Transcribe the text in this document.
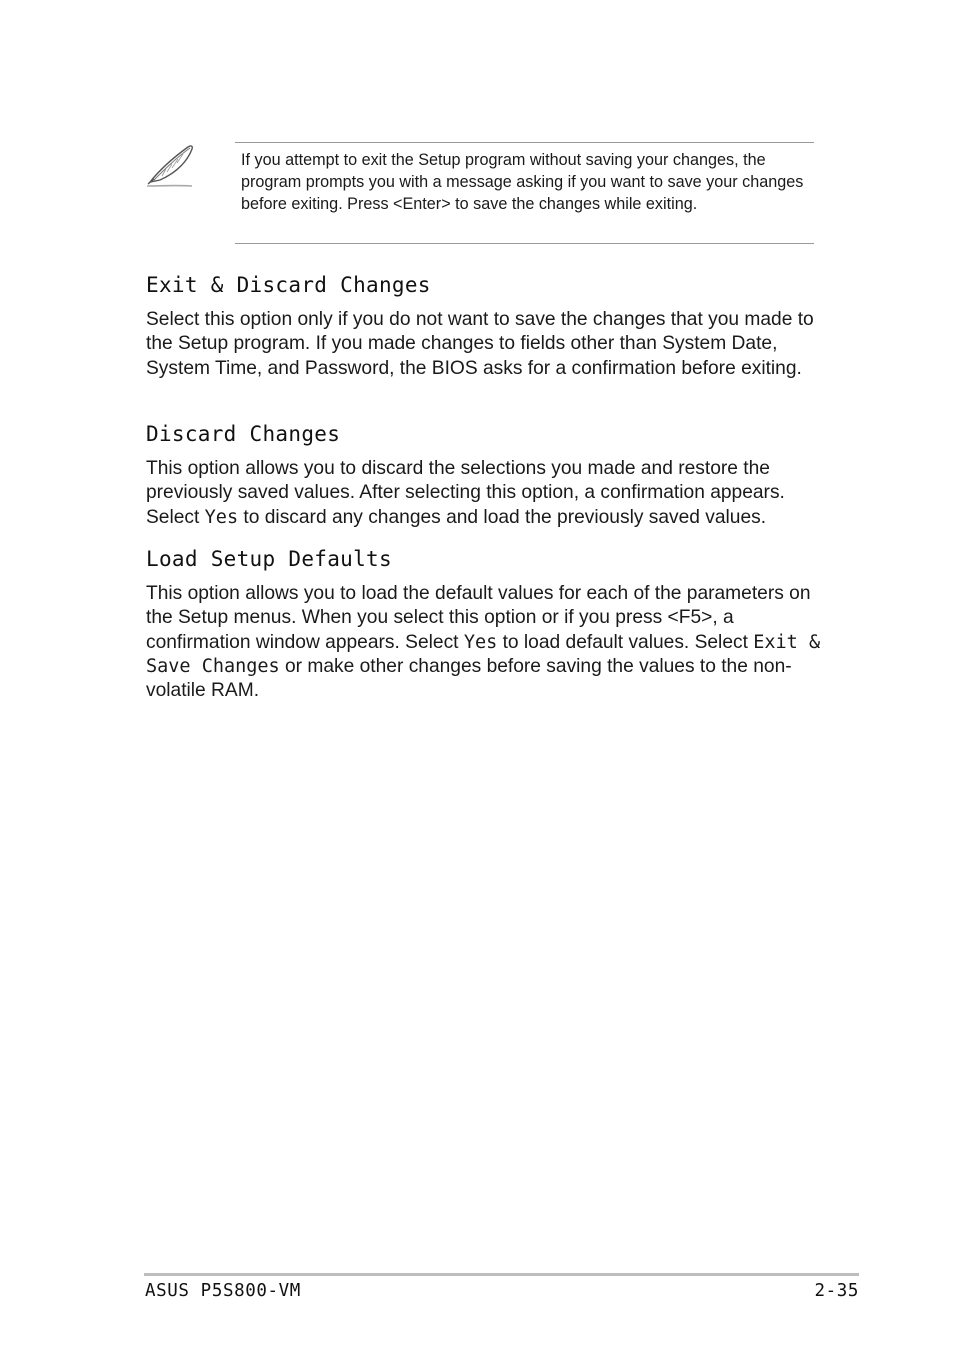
If you attempt to exit the Setup program without saving your changes, the program prompts you with a message asking if you want to save your changes before exiting. Press <Enter> to save the changes while exiting.

Exit & Discard Changes

Select this option only if you do not want to save the changes that you made to the Setup program. If you made changes to fields other than System Date, System Time, and Password, the BIOS asks for a confirmation before exiting.

Discard Changes

This option allows you to discard the selections you made and restore the previously saved values. After selecting this option, a confirmation appears. Select Yes to discard any changes and load the previously saved values.

Load Setup Defaults

This option allows you to load the default values for each of the parameters on the Setup menus. When you select this option or if you press <F5>, a confirmation window appears. Select Yes to load default values. Select Exit & Save Changes or make other changes before saving the values to the non-volatile RAM.

ASUS P5S800-VM	2-35
